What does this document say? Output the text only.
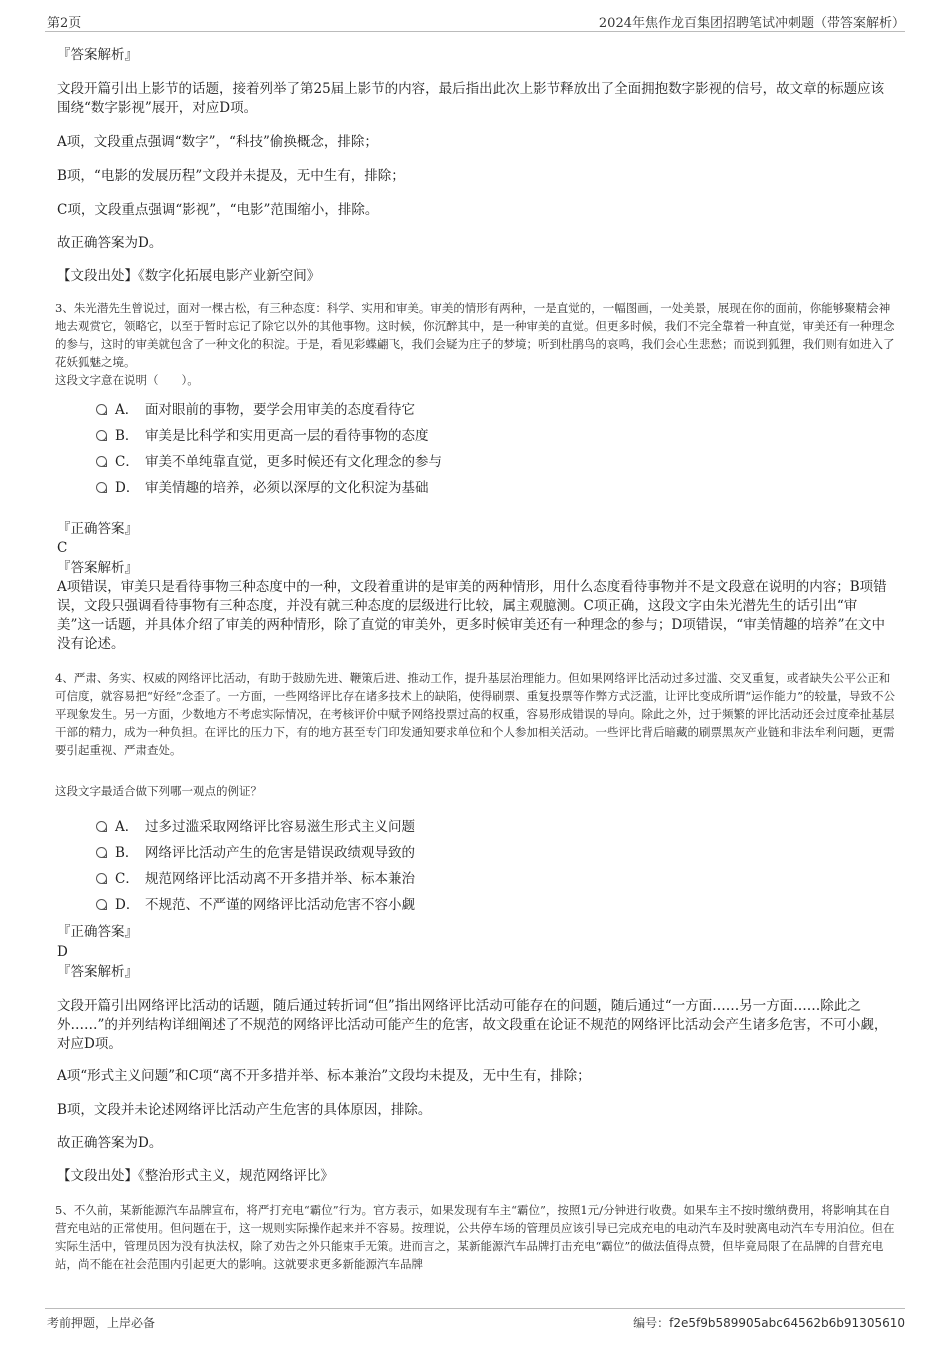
第2页	2024年焦作龙百集团招聘笔试冲刺题（带答案解析）
『答案解析』
文段开篇引出上影节的话题，接着列举了第25届上影节的内容，最后指出此次上影节释放出了全面拥抱数字影视的信号，故文章的标题应该围绕“数字影视”展开，对应D项。
A项，文段重点强调“数字”，“科技”偷换概念，排除；
B项，“电影的发展历程”文段并未提及，无中生有，排除；
C项，文段重点强调“影视”，“电影”范围缩小，排除。
故正确答案为D。
【文段出处】《数字化拓展电影产业新空间》
3、朱光潜先生曾说过，面对一棵古松，有三种态度：科学、实用和审美。审美的情形有两种，一是直觉的，一幅图画，一处美景，展现在你的面前，你能够聚精会神地去观赏它，领略它，以至于暂时忘记了除它以外的其他事物。这时候，你沉醉其中，是一种审美的直觉。但更多时候，我们不完全靠着一种直觉，审美还有一种理念的参与，这时的审美就包含了一种文化的积淀。于是，看见彩蝶翩飞，我们会疑为庄子的梦境；听到杜鹃鸟的哀鸣，我们会心生悲愁；而说到狐狸，我们则有如进入了花妖狐魅之境。
这段文字意在说明（　　）。
A． 面对眼前的事物，要学会用审美的态度看待它
B． 审美是比科学和实用更高一层的看待事物的态度
C． 审美不单纯靠直觉，更多时候还有文化理念的参与
D． 审美情趣的培养，必须以深厚的文化积淀为基础
『正确答案』
C
『答案解析』
A项错误，审美只是看待事物三种态度中的一种，文段着重讲的是审美的两种情形，用什么态度看待事物并不是文段意在说明的内容；B项错误，文段只强调看待事物有三种态度，并没有就三种态度的层级进行比较，属主观臆测。C项正确，这段文字由朱光潜先生的话引出“审美”这一话题，并具体介绍了审美的两种情形，除了直觉的审美外，更多时候审美还有一种理念的参与；D项错误，“审美情趣的培养”在文中没有论述。
4、严肃、务实、权威的网络评比活动，有助于鼓励先进、鞭策后进、推动工作，提升基层治理能力。但如果网络评比活动过多过滥、交叉重复，或者缺失公平公正和可信度，就容易把“好经”念歪了。一方面，一些网络评比存在诸多技术上的缺陷，使得刷票、重复投票等作弊方式泛滥，让评比变成所谓“运作能力”的较量，导致不公平现象发生。另一方面，少数地方不考虑实际情况，在考核评价中赋予网络投票过高的权重，容易形成错误的导向。除此之外，过于频繁的评比活动还会过度牵扯基层干部的精力，成为一种负担。在评比的压力下，有的地方甚至专门印发通知要求单位和个人参加相关活动。一些评比背后暗藏的刷票黑灰产业链和非法牟利问题，更需要引起重视、严肃查处。
这段文字最适合做下列哪一观点的例证？
A． 过多过滥采取网络评比容易滋生形式主义问题
B． 网络评比活动产生的危害是错误政绩观导致的
C． 规范网络评比活动离不开多措并举、标本兼治
D． 不规范、不严谨的网络评比活动危害不容小觑
『正确答案』
D
『答案解析』
文段开篇引出网络评比活动的话题，随后通过转折词“但”指出网络评比活动可能存在的问题，随后通过“一方面……另一方面……除此之外……”的并列结构详细阐述了不规范的网络评比活动可能产生的危害，故文段重在论证不规范的网络评比活动会产生诸多危害，不可小觑，对应D项。
A项“形式主义问题”和C项“离不开多措并举、标本兼治”文段均未提及，无中生有，排除；
B项，文段并未论述网络评比活动产生危害的具体原因，排除。
故正确答案为D。
【文段出处】《整治形式主义，规范网络评比》
5、不久前，某新能源汽车品牌宣布，将严打充电“霸位”行为。官方表示，如果发现有车主“霸位”，按照1元/分钟进行收费。如果车主不按时缴纳费用，将影响其在自营充电站的正常使用。但问题在于，这一规则实际操作起来并不容易。按理说，公共停车场的管理员应该引导已完成充电的电动汽车及时驶离电动汽车专用泊位。但在实际生活中，管理员因为没有执法权，除了劝告之外只能束手无策。进而言之，某新能源汽车品牌打击充电“霸位”的做法值得点赞，但毕竟局限了在品牌的自营充电站，尚不能在社会范围内引起更大的影响。这就要求更多新能源汽车品牌
考前押题，上岸必备	编号：f2e5f9b589905abc64562b6b91305610
